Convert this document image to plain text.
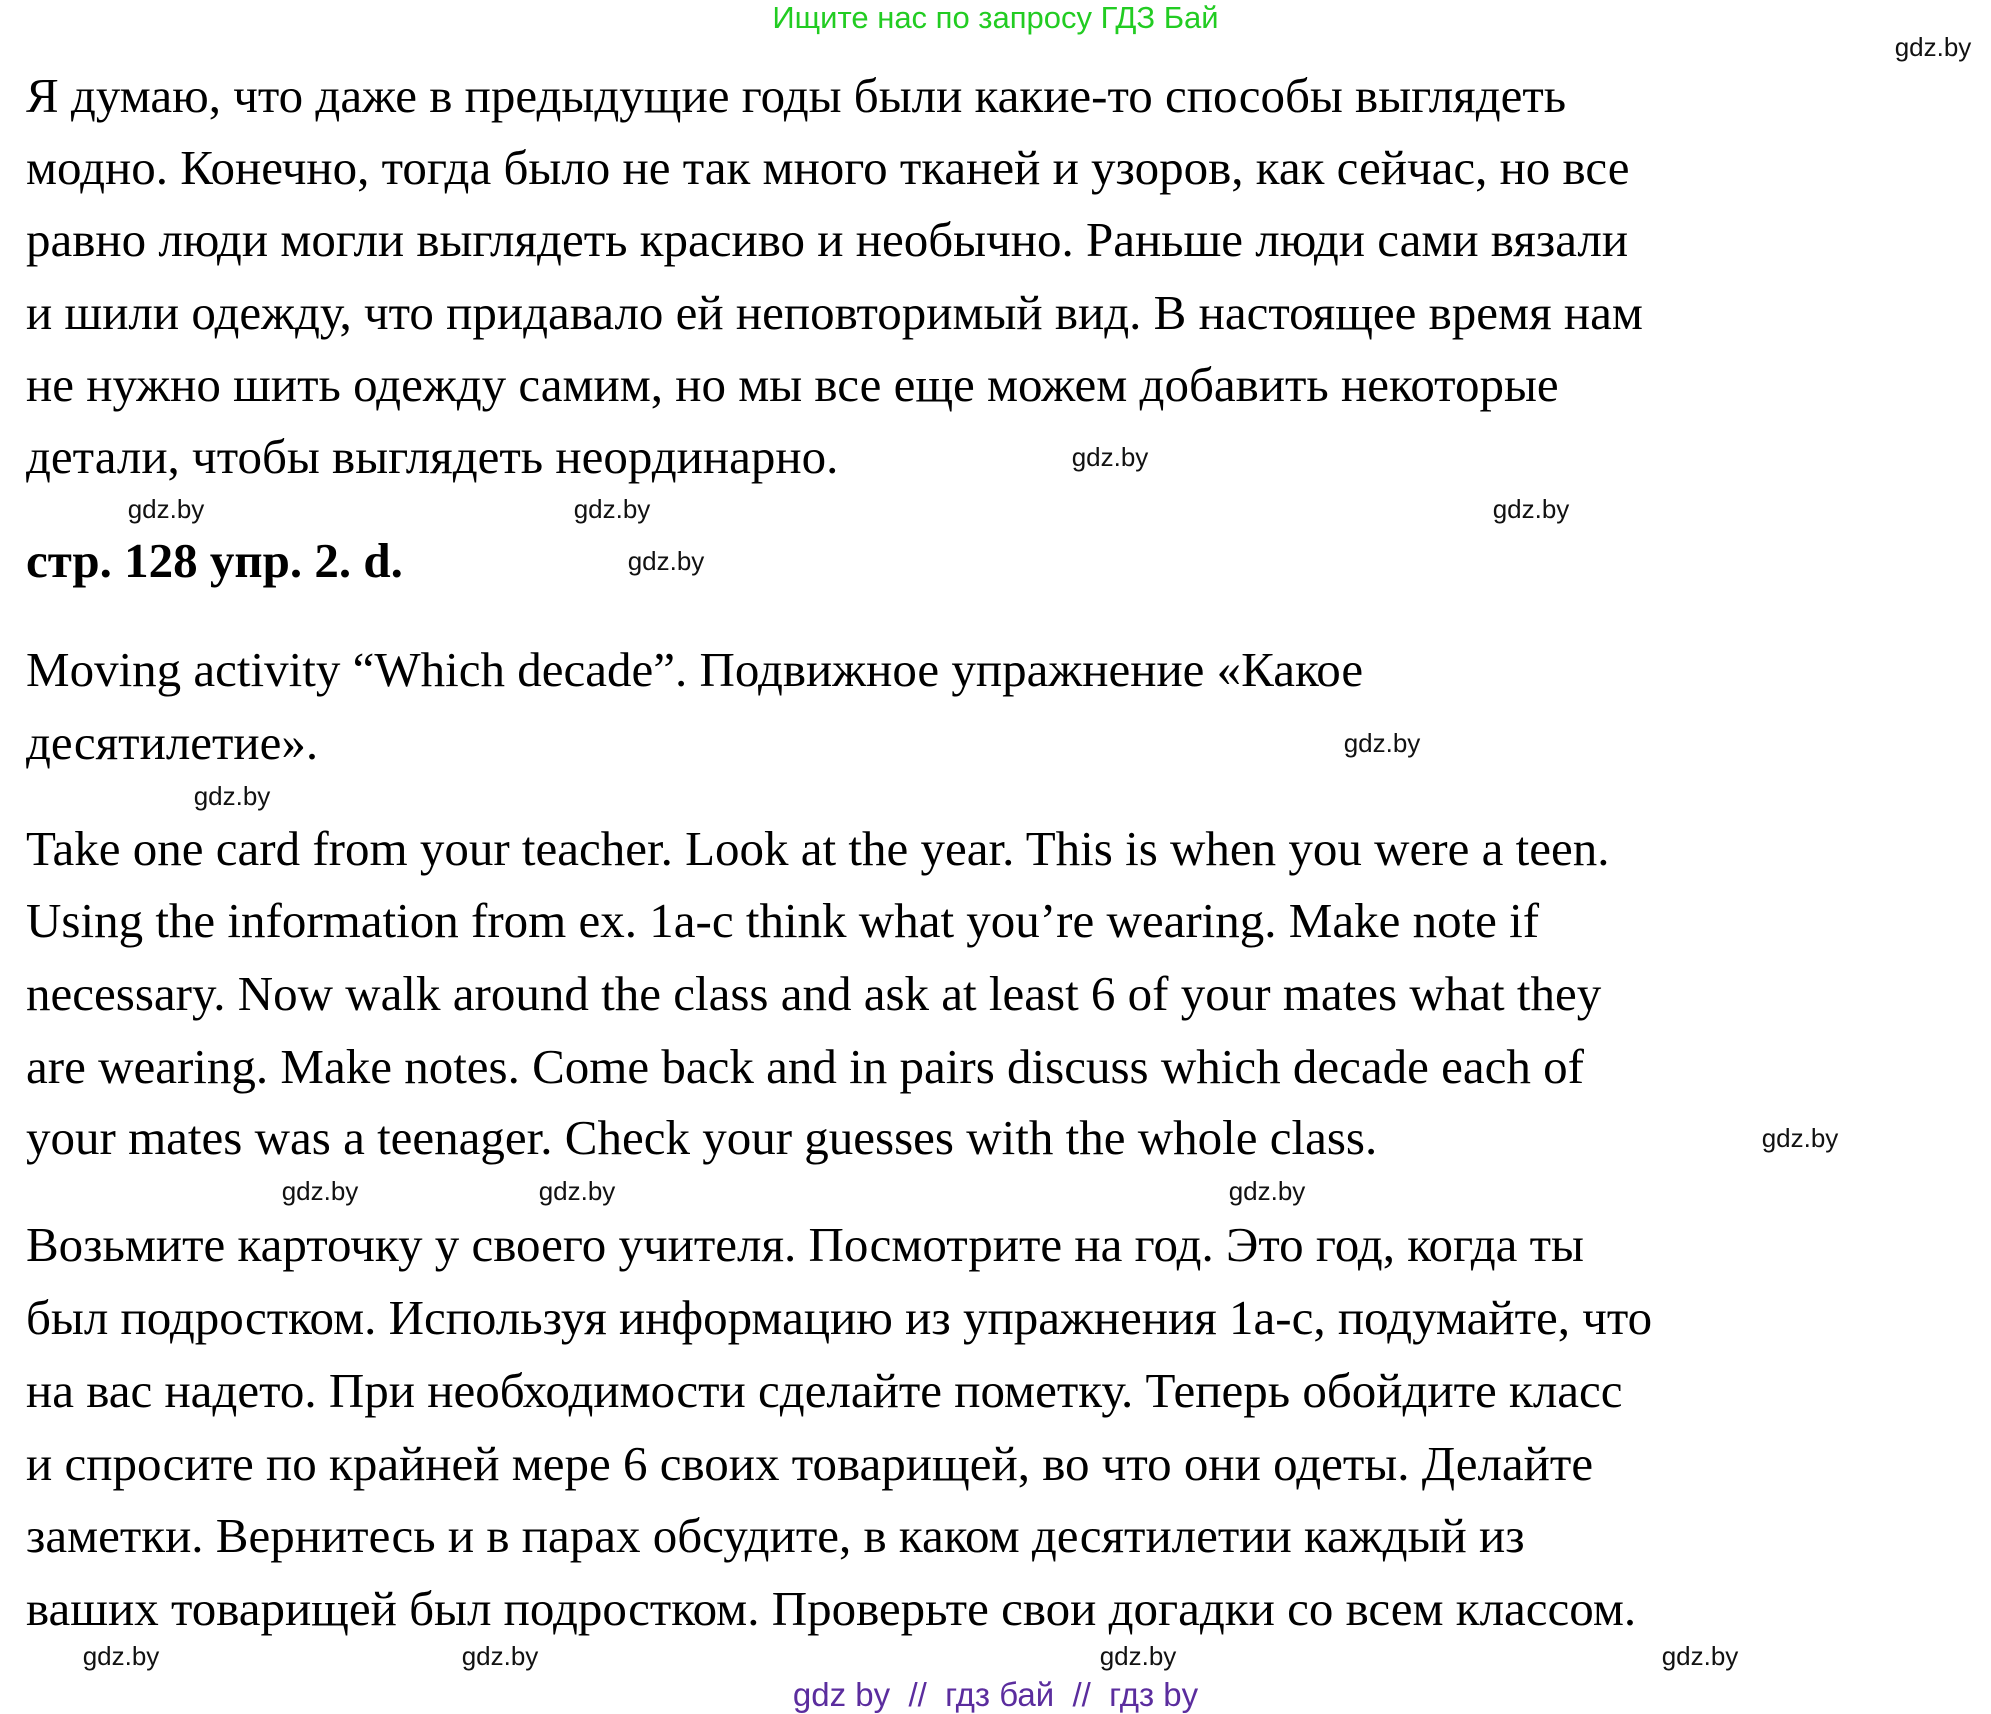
Ищите нас по запросу ГДЗ Бай
Я думаю, что даже в предыдущие годы были какие-то способы выглядеть
модно. Конечно, тогда было не так много тканей и узоров, как сейчас, но все
равно люди могли выглядеть красиво и необычно. Раньше люди сами вязали
и шили одежду, что придавало ей неповторимый вид. В настоящее время нам
не нужно шить одежду самим, но мы все еще можем добавить некоторые
детали, чтобы выглядеть неординарно.
стр. 128 упр. 2. d.
Moving activity “Which decade”. Подвижное упражнение «Какое
десятилетие».
Take one card from your teacher. Look at the year. This is when you were a teen.
Using the information from ex. 1a-c think what you’re wearing. Make note if
necessary. Now walk around the class and ask at least 6 of your mates what they
are wearing. Make notes. Come back and in pairs discuss which decade each of
your mates was a teenager. Check your guesses with the whole class.
Возьмите карточку у своего учителя. Посмотрите на год. Это год, когда ты
был подростком. Используя информацию из упражнения 1a-c, подумайте, что
на вас надето. При необходимости сделайте пометку. Теперь обойдите класс
и спросите по крайней мере 6 своих товарищей, во что они одеты. Делайте
заметки. Вернитесь и в парах обсудите, в каком десятилетии каждый из
ваших товарищей был подростком. Проверьте свои догадки со всем классом.
gdz.by
gdz.by
gdz.by	gdz.by	gdz.by
gdz.by
gdz.by
gdz.by
gdz.by
gdz.by
gdz.by	gdz.by
gdz.by	gdz.by	gdz.by
gdz.by
gdz by  //  гдз бай  //  гдз by
